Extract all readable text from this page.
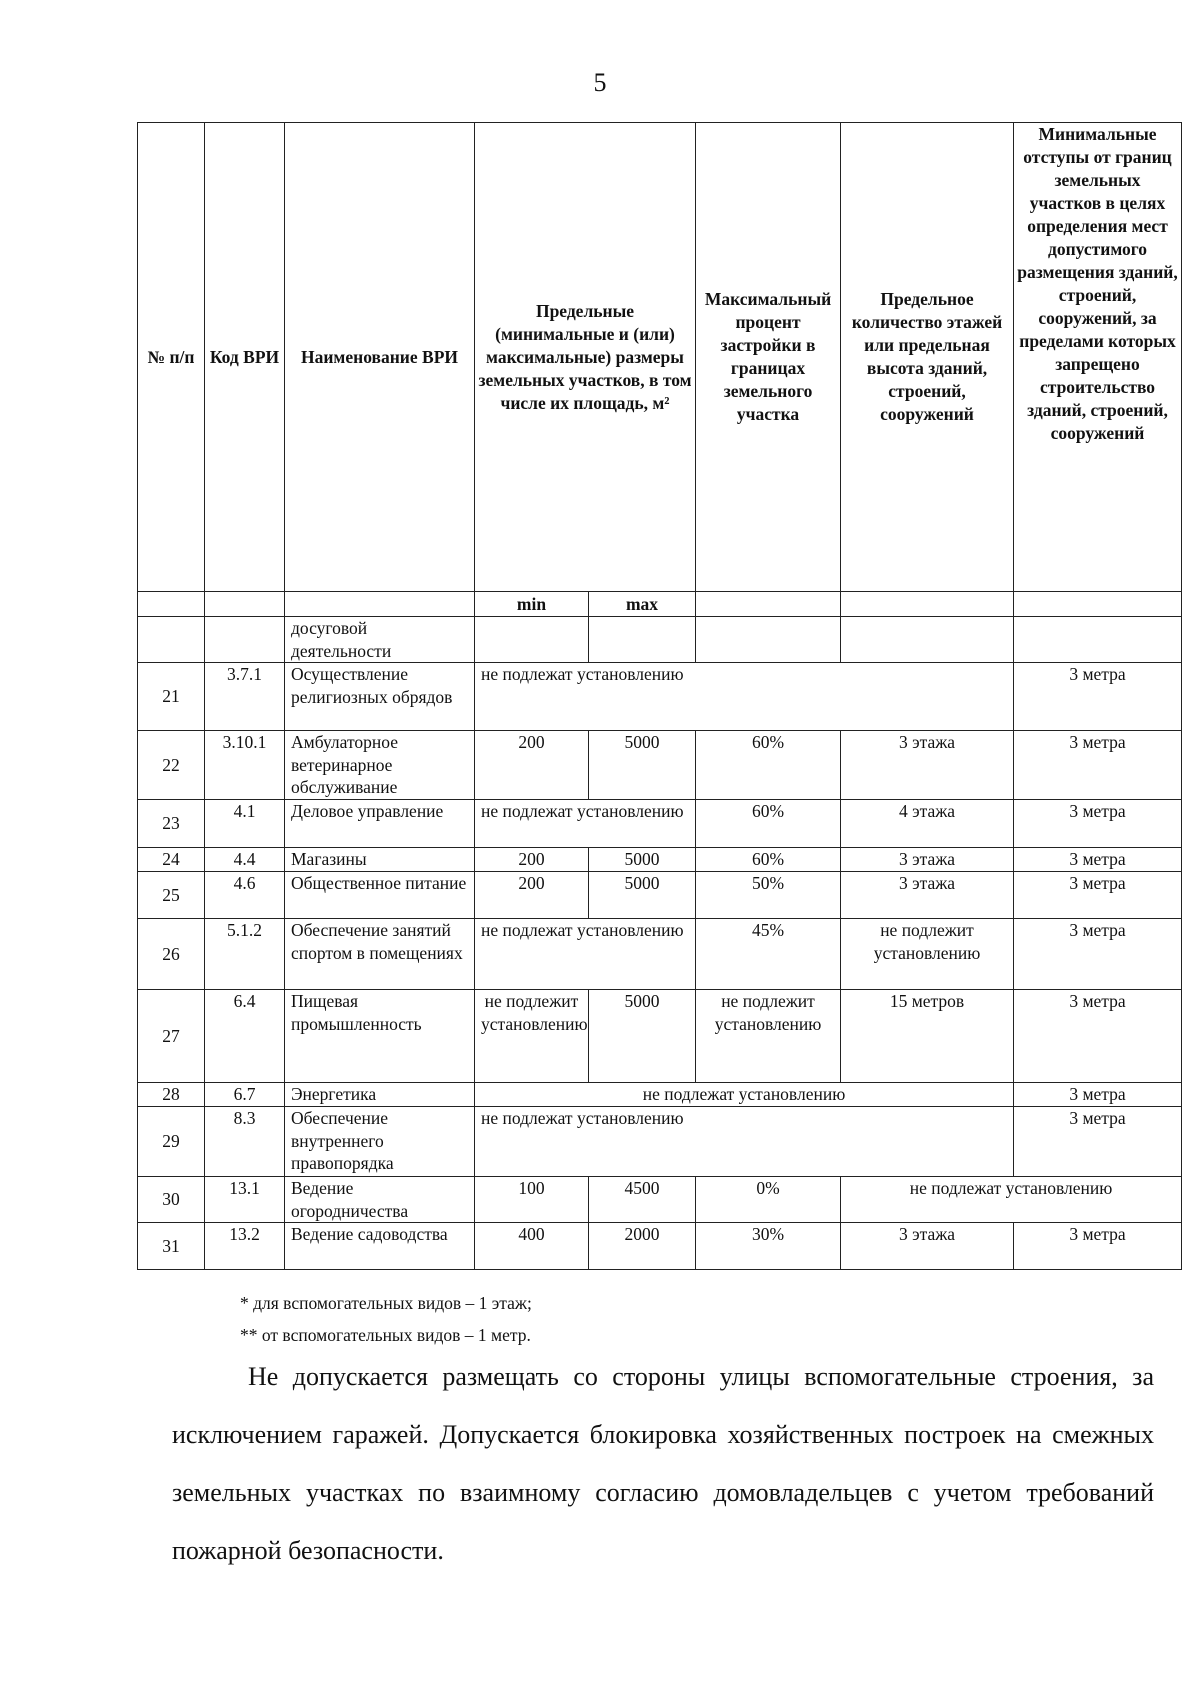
5
№ п/п	Код ВРИ	Наименование ВРИ	Предельные (минимальные и (или) максимальные) размеры земельных участков, в том числе их площадь, м²		Максимальный процент застройки в границах земельного участка	Предельное количество этажей или предельная высота зданий, строений, сооружений	Минимальные отступы от границ земельных участков в целях определения мест допустимого размещения зданий, строений, сооружений, за пределами которых запрещено строительство зданий, строений, сооружений
			min	max			
		досуговой деятельности					
21	3.7.1	Осуществление религиозных обрядов	не подлежат установлению				3 метра
22	3.10.1	Амбулаторное ветеринарное обслуживание	200	5000	60%	3 этажа	3 метра
23	4.1	Деловое управление	не подлежат установлению		60%	4 этажа	3 метра
24	4.4	Магазины	200	5000	60%	3 этажа	3 метра
25	4.6	Общественное питание	200	5000	50%	3 этажа	3 метра
26	5.1.2	Обеспечение занятий спортом в помещениях	не подлежат установлению		45%	не подлежит установлению	3 метра
27	6.4	Пищевая промышленность	не подлежит установлению	5000	не подлежит установлению	15 метров	3 метра
28	6.7	Энергетика	не подлежат установлению				3 метра
29	8.3	Обеспечение внутреннего правопорядка	не подлежат установлению				3 метра
30	13.1	Ведение огородничества	100	4500	0%	не подлежат установлению	
31	13.2	Ведение садоводства	400	2000	30%	3 этажа	3 метра
* для вспомогательных видов – 1 этаж;
** от вспомогательных видов – 1 метр.
Не допускается размещать со стороны улицы вспомогательные строения, за исключением гаражей. Допускается блокировка хозяйственных построек на смежных земельных участках по взаимному согласию домовладельцев с учетом требований пожарной безопасности.
